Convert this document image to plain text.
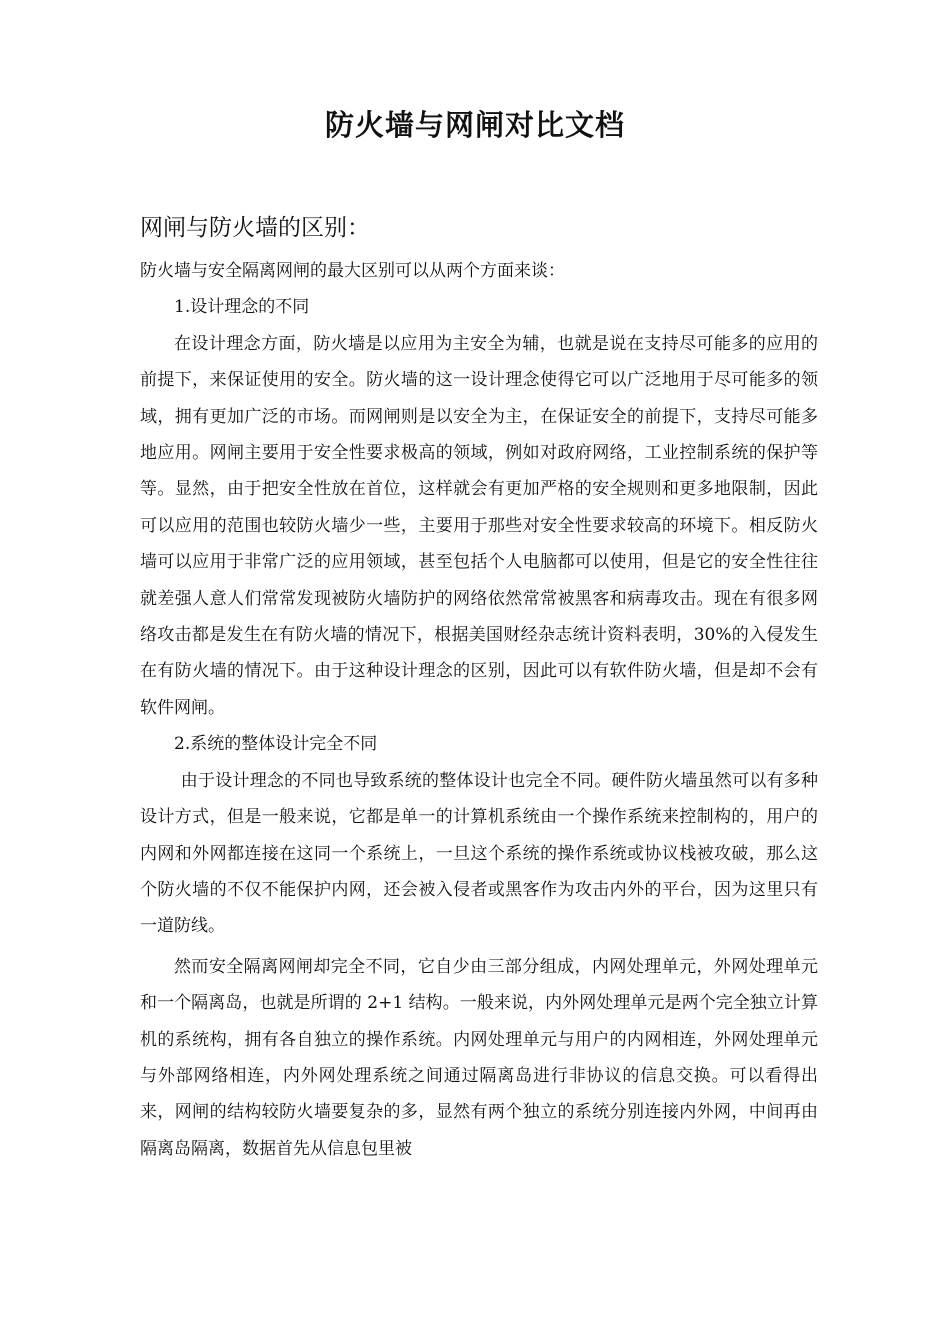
防火墙与网闸对比文档
网闸与防火墙的区别：

防火墙与安全隔离网闸的最大区别可以从两个方面来谈：

1.设计理念的不同

在设计理念方面，防火墙是以应用为主安全为辅，也就是说在支持尽可能多的应用的前提下，来保证使用的安全。防火墙的这一设计理念使得它可以广泛地用于尽可能多的领域，拥有更加广泛的市场。而网闸则是以安全为主，在保证安全的前提下，支持尽可能多地应用。网闸主要用于安全性要求极高的领域，例如对政府网络，工业控制系统的保护等等。显然，由于把安全性放在首位，这样就会有更加严格的安全规则和更多地限制，因此可以应用的范围也较防火墙少一些，主要用于那些对安全性要求较高的环境下。相反防火墙可以应用于非常广泛的应用领域，甚至包括个人电脑都可以使用，但是它的安全性往往就差强人意人们常常发现被防火墙防护的网络依然常常被黑客和病毒攻击。现在有很多网络攻击都是发生在有防火墙的情况下，根据美国财经杂志统计资料表明，30%的入侵发生在有防火墙的情况下。由于这种设计理念的区别，因此可以有软件防火墙，但是却不会有软件网闸。

2.系统的整体设计完全不同

由于设计理念的不同也导致系统的整体设计也完全不同。硬件防火墙虽然可以有多种设计方式，但是一般来说，它都是单一的计算机系统由一个操作系统来控制构的，用户的内网和外网都连接在这同一个系统上，一旦这个系统的操作系统或协议栈被攻破，那么这个防火墙的不仅不能保护内网，还会被入侵者或黑客作为攻击内外的平台，因为这里只有一道防线。

然而安全隔离网闸却完全不同，它自少由三部分组成，内网处理单元，外网处理单元和一个隔离岛，也就是所谓的 2+1 结构。一般来说，内外网处理单元是两个完全独立计算机的系统构，拥有各自独立的操作系统。内网处理单元与用户的内网相连，外网处理单元与外部网络相连，内外网处理系统之间通过隔离岛进行非协议的信息交换。可以看得出来，网闸的结构较防火墙要复杂的多，显然有两个独立的系统分别连接内外网，中间再由隔离岛隔离，数据首先从信息包里被
